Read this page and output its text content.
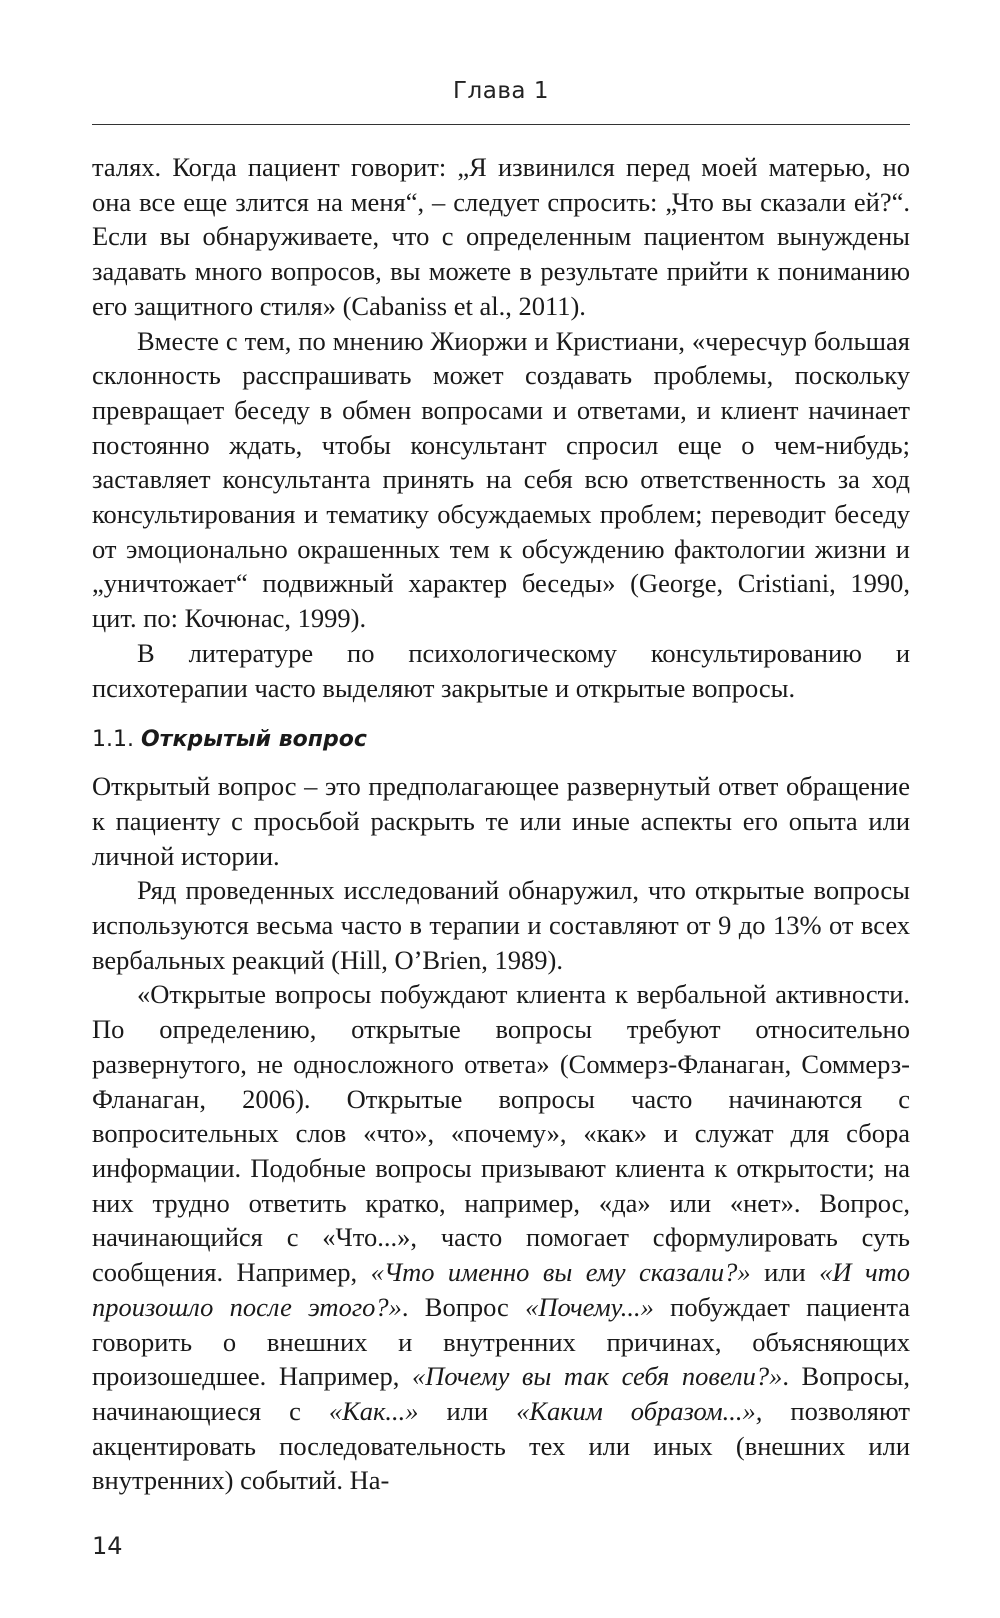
Глава 1

талях. Когда пациент говорит: „Я извинился перед моей матерью, но она все еще злится на меня“, – следует спросить: „Что вы сказали ей?“. Если вы обнаруживаете, что с определенным пациентом вынуждены задавать много вопросов, вы можете в результате прийти к пониманию его защитного стиля» (Cabaniss et al., 2011).

Вместе с тем, по мнению Жиоржи и Кристиани, «чересчур большая склонность расспрашивать может создавать проблемы, поскольку превращает беседу в обмен вопросами и ответами, и клиент начинает постоянно ждать, чтобы консультант спросил еще о чем-нибудь; заставляет консультанта принять на себя всю ответственность за ход консультирования и тематику обсуждаемых проблем; переводит беседу от эмоционально окрашенных тем к обсуждению фактологии жизни и „уничтожает“ подвижный характер беседы» (George, Cristiani, 1990, цит. по: Кочюнас, 1999).

В литературе по психологическому консультированию и психотерапии часто выделяют закрытые и открытые вопросы.

1.1. Открытый вопрос

Открытый вопрос – это предполагающее развернутый ответ обращение к пациенту с просьбой раскрыть те или иные аспекты его опыта или личной истории.

Ряд проведенных исследований обнаружил, что открытые вопросы используются весьма часто в терапии и составляют от 9 до 13% от всех вербальных реакций (Hill, O’Brien, 1989).

«Открытые вопросы побуждают клиента к вербальной активности. По определению, открытые вопросы требуют относительно развернутого, не односложного ответа» (Соммерз-Фланаган, Соммерз-Фланаган, 2006). Открытые вопросы часто начинаются с вопросительных слов «что», «почему», «как» и служат для сбора информации. Подобные вопросы призывают клиента к открытости; на них трудно ответить кратко, например, «да» или «нет». Вопрос, начинающийся с «Что...», часто помогает сформулировать суть сообщения. Например, «Что именно вы ему сказали?» или «И что произошло после этого?». Вопрос «Почему...» побуждает пациента говорить о внешних и внутренних причинах, объясняющих произошедшее. Например, «Почему вы так себя повели?». Вопросы, начинающиеся с «Как...» или «Каким образом...», позволяют акцентировать последовательность тех или иных (внешних или внутренних) событий. На-

14
